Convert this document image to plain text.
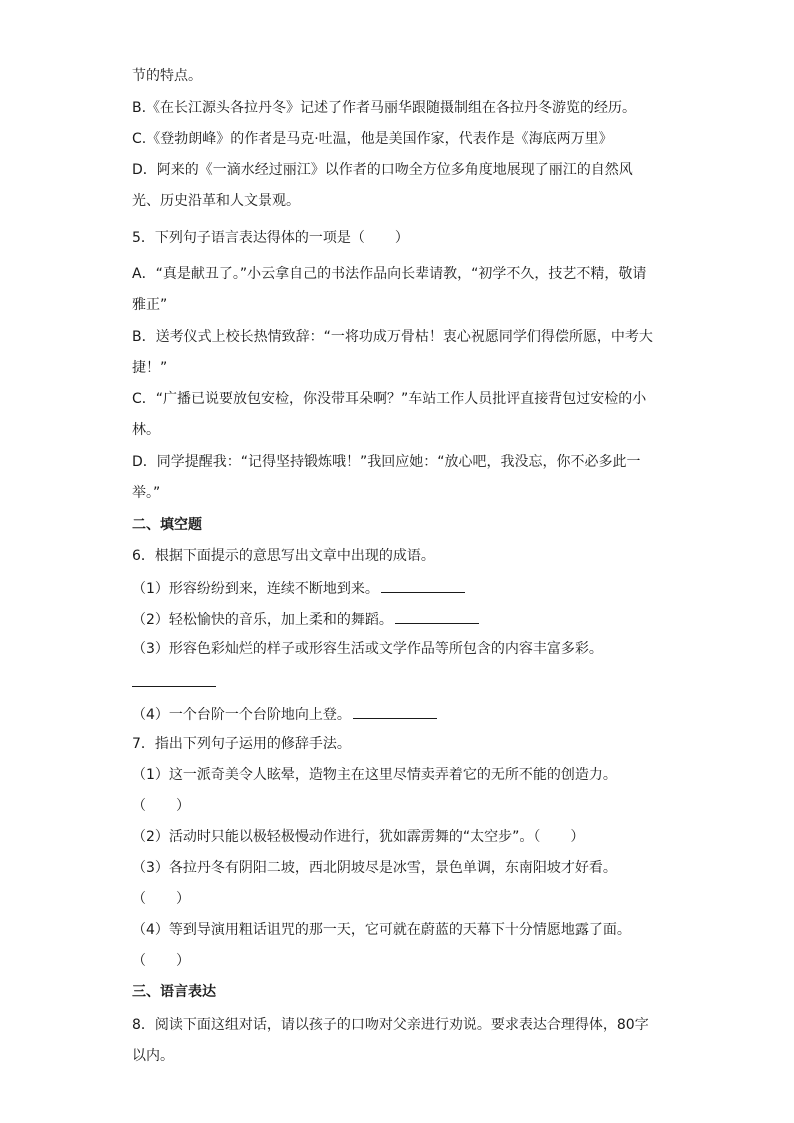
节的特点。
B.《在长江源头各拉丹冬》记述了作者马丽华跟随摄制组在各拉丹冬游览的经历。
C.《登勃朗峰》的作者是马克·吐温，他是美国作家，代表作是《海底两万里》
D．阿来的《一滴水经过丽江》以作者的口吻全方位多角度地展现了丽江的自然风
光、历史沿革和人文景观。
5．下列句子语言表达得体的一项是（ ）
A．“真是献丑了。”小云拿自己的书法作品向长辈请教，“初学不久，技艺不精，敬请
雅正”
B．送考仪式上校长热情致辞：“一将功成万骨枯！衷心祝愿同学们得偿所愿，中考大
捷！”
C．“广播已说要放包安检，你没带耳朵啊？”车站工作人员批评直接背包过安检的小
林。
D．同学提醒我：“记得坚持锻炼哦！”我回应她：“放心吧，我没忘，你不必多此一
举。”
二、填空题
6．根据下面提示的意思写出文章中出现的成语。
（1）形容纷纷到来，连续不断地到来。
（2）轻松愉快的音乐，加上柔和的舞蹈。
（3）形容色彩灿烂的样子或形容生活或文学作品等所包含的内容丰富多彩。
（4）一个台阶一个台阶地向上登。
7．指出下列句子运用的修辞手法。
（1）这一派奇美令人眩晕，造物主在这里尽情卖弄着它的无所不能的创造力。
（ ）
（2）活动时只能以极轻极慢动作进行，犹如霹雳舞的“太空步”。（ ）
（3）各拉丹冬有阴阳二坡，西北阴坡尽是冰雪，景色单调，东南阳坡才好看。
（ ）
（4）等到导演用粗话诅咒的那一天，它可就在蔚蓝的天幕下十分情愿地露了面。
（ ）
三、语言表达
8．阅读下面这组对话，请以孩子的口吻对父亲进行劝说。要求表达合理得体，80字
以内。
